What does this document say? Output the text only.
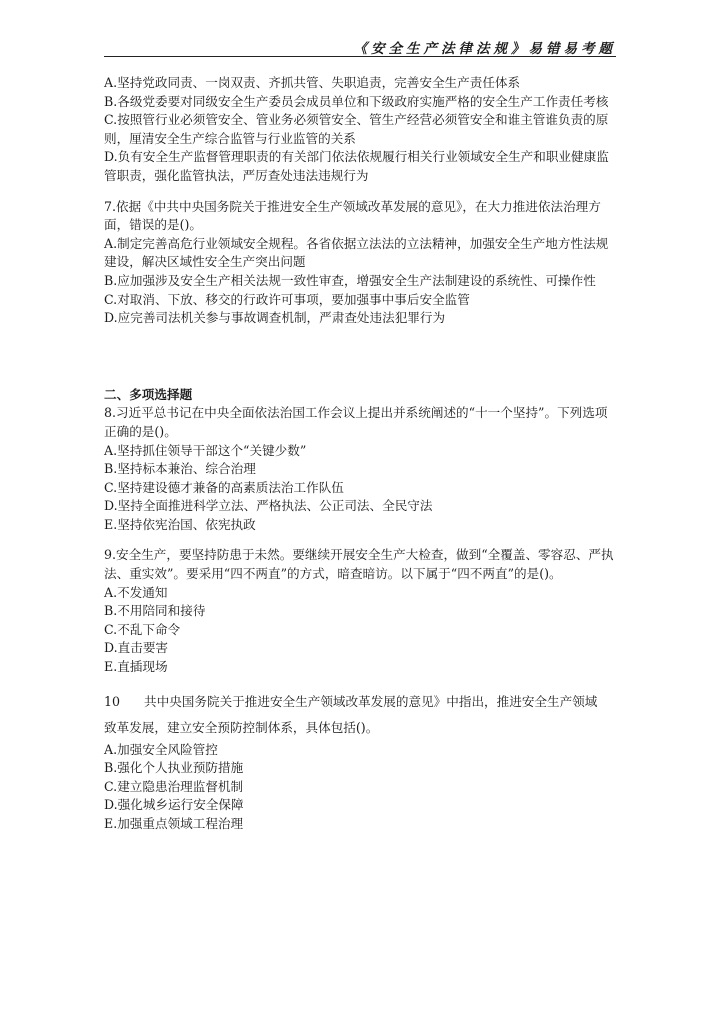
《安全生产法律法规》易错易考题

A.坚持党政同责、一岗双责、齐抓共管、失职追责，完善安全生产责任体系

B.各级党委要对同级安全生产委员会成员单位和下级政府实施严格的安全生产工作责任考核

C.按照管行业必须管安全、管业务必须管安全、管生产经营必须管安全和谁主管谁负责的原则，厘清安全生产综合监管与行业监管的关系

D.负有安全生产监督管理职责的有关部门依法依规履行相关行业领域安全生产和职业健康监管职责，强化监管执法，严厉查处违法违规行为

7.依据《中共中央国务院关于推进安全生产领域改革发展的意见》，在大力推进依法治理方面，错误的是()。

A.制定完善高危行业领域安全规程。各省依据立法法的立法精神，加强安全生产地方性法规建设，解决区域性安全生产突出问题

B.应加强涉及安全生产相关法规一致性审查，增强安全生产法制建设的系统性、可操作性

C.对取消、下放、移交的行政许可事项，要加强事中事后安全监管

D.应完善司法机关参与事故调查机制，严肃查处违法犯罪行为

二、多项选择题

8.习近平总书记在中央全面依法治国工作会议上提出并系统阐述的“十一个坚持”。下列选项正确的是()。

A.坚持抓住领导干部这个“关键少数”

B.坚持标本兼治、综合治理

C.坚持建设德才兼备的高素质法治工作队伍

D.坚持全面推进科学立法、严格执法、公正司法、全民守法

E.坚持依宪治国、依宪执政

9.安全生产，要坚持防患于未然。要继续开展安全生产大检查，做到“全覆盖、零容忍、严执法、重实效”。要采用“四不两直”的方式，暗查暗访。以下属于“四不两直”的是()。

A.不发通知

B.不用陪同和接待

C.不乱下命令

D.直击要害

E.直插现场

10 共中央国务院关于推进安全生产领域改革发展的意见》中指出，推进安全生产领域

致革发展，建立安全预防控制体系，具体包括()。

A.加强安全风险管控

B.强化个人执业预防措施

C.建立隐患治理监督机制

D.强化城乡运行安全保障

E.加强重点领域工程治理
